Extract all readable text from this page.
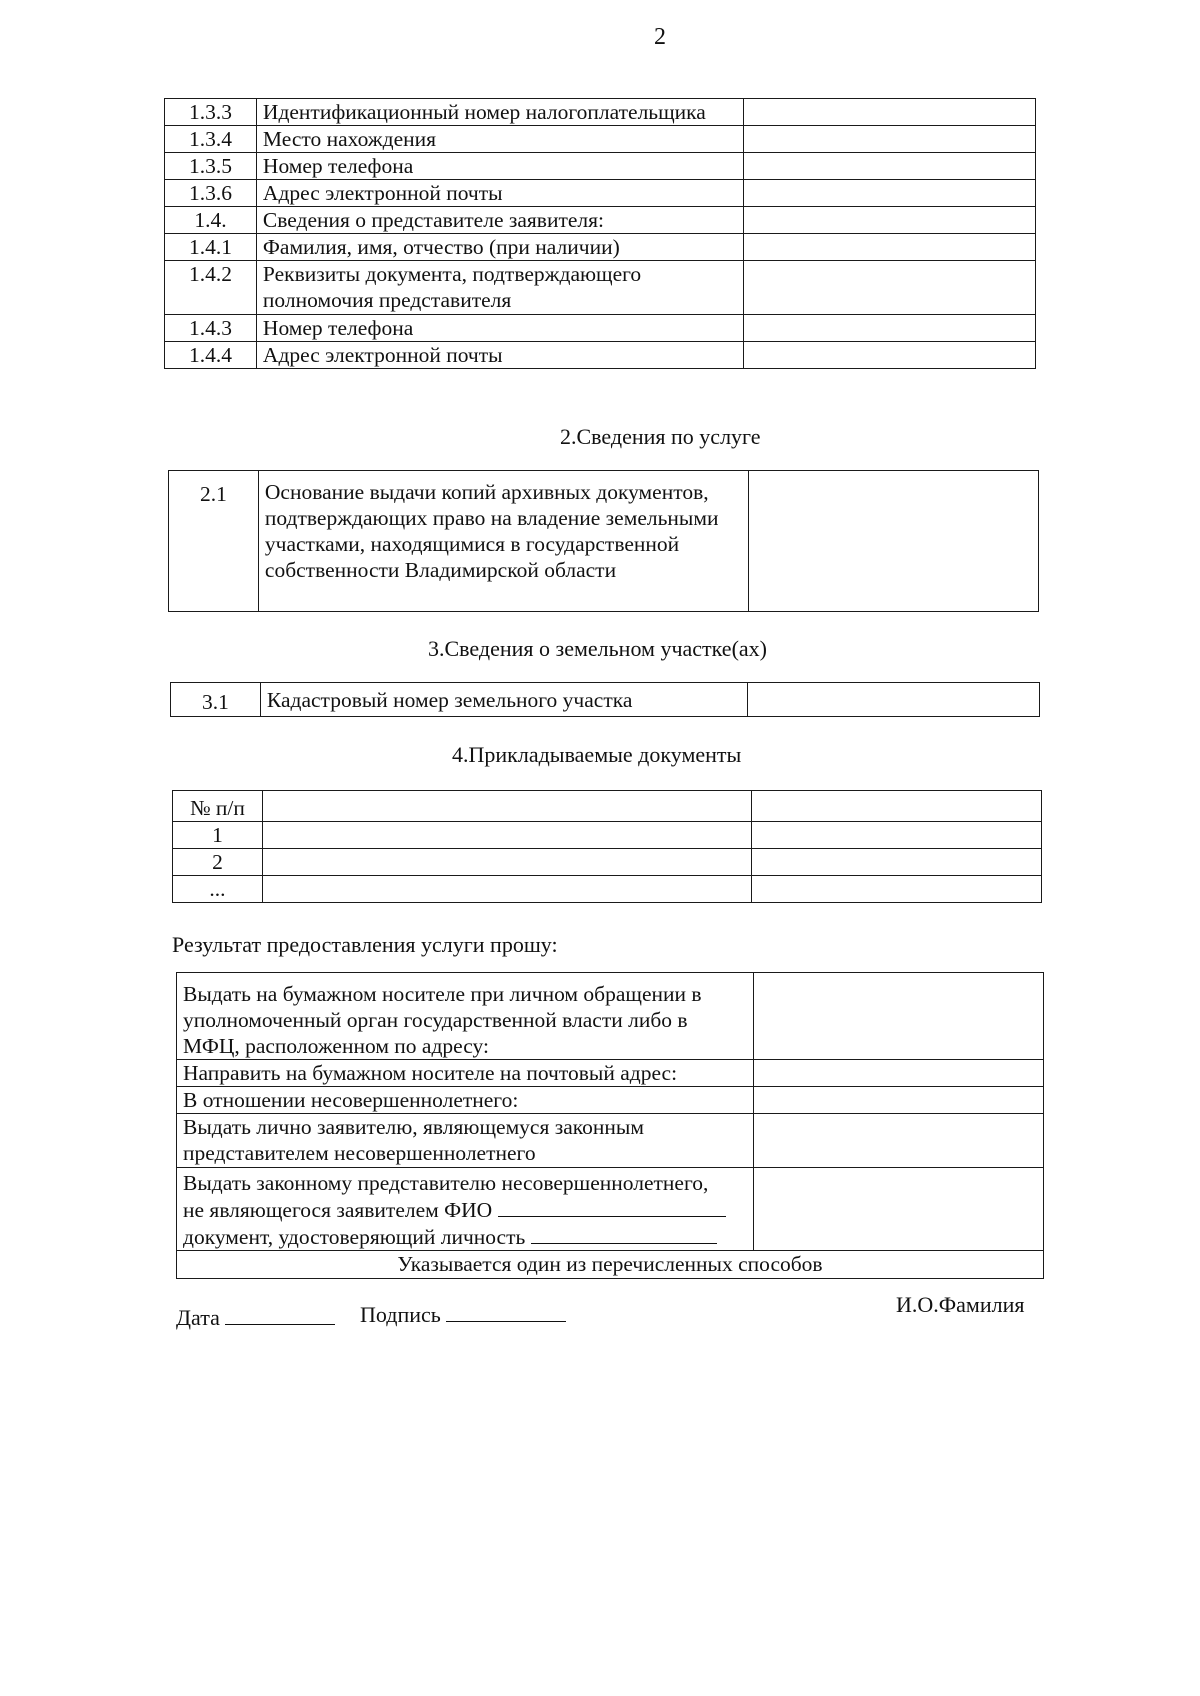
2
1.3.3	Идентификационный номер налогоплательщика	
1.3.4	Место нахождения	
1.3.5	Номер телефона	
1.3.6	Адрес электронной почты	
1.4.	Сведения о представителе заявителя:	
1.4.1	Фамилия, имя, отчество (при наличии)	
1.4.2	Реквизиты документа, подтверждающего полномочия представителя	
1.4.3	Номер телефона	
1.4.4	Адрес электронной почты	
2.Сведения по услуге
2.1	Основание выдачи копий архивных документов, подтверждающих право на владение земельными участками, находящимися в государственной собственности Владимирской области	
3.Сведения о земельном участке(ах)
3.1	Кадастровый номер земельного участка	
4.Прикладываемые документы
№ п/п		
1		
2		
...		
Результат предоставления услуги прошу:
Выдать на бумажном носителе при личном обращении в уполномоченный орган государственной власти либо в МФЦ, расположенном по адресу:	
Направить на бумажном носителе на почтовый адрес:	
В отношении несовершеннолетнего:	
Выдать лично заявителю, являющемуся законным представителем несовершеннолетнего	

Выдать законному представителю несовершеннолетнего,
не являющегося заявителем ФИО
документ, удостоверяющий личность	

Указывается один из перечисленных способов	
Дата	Подпись	И.О.Фамилия
